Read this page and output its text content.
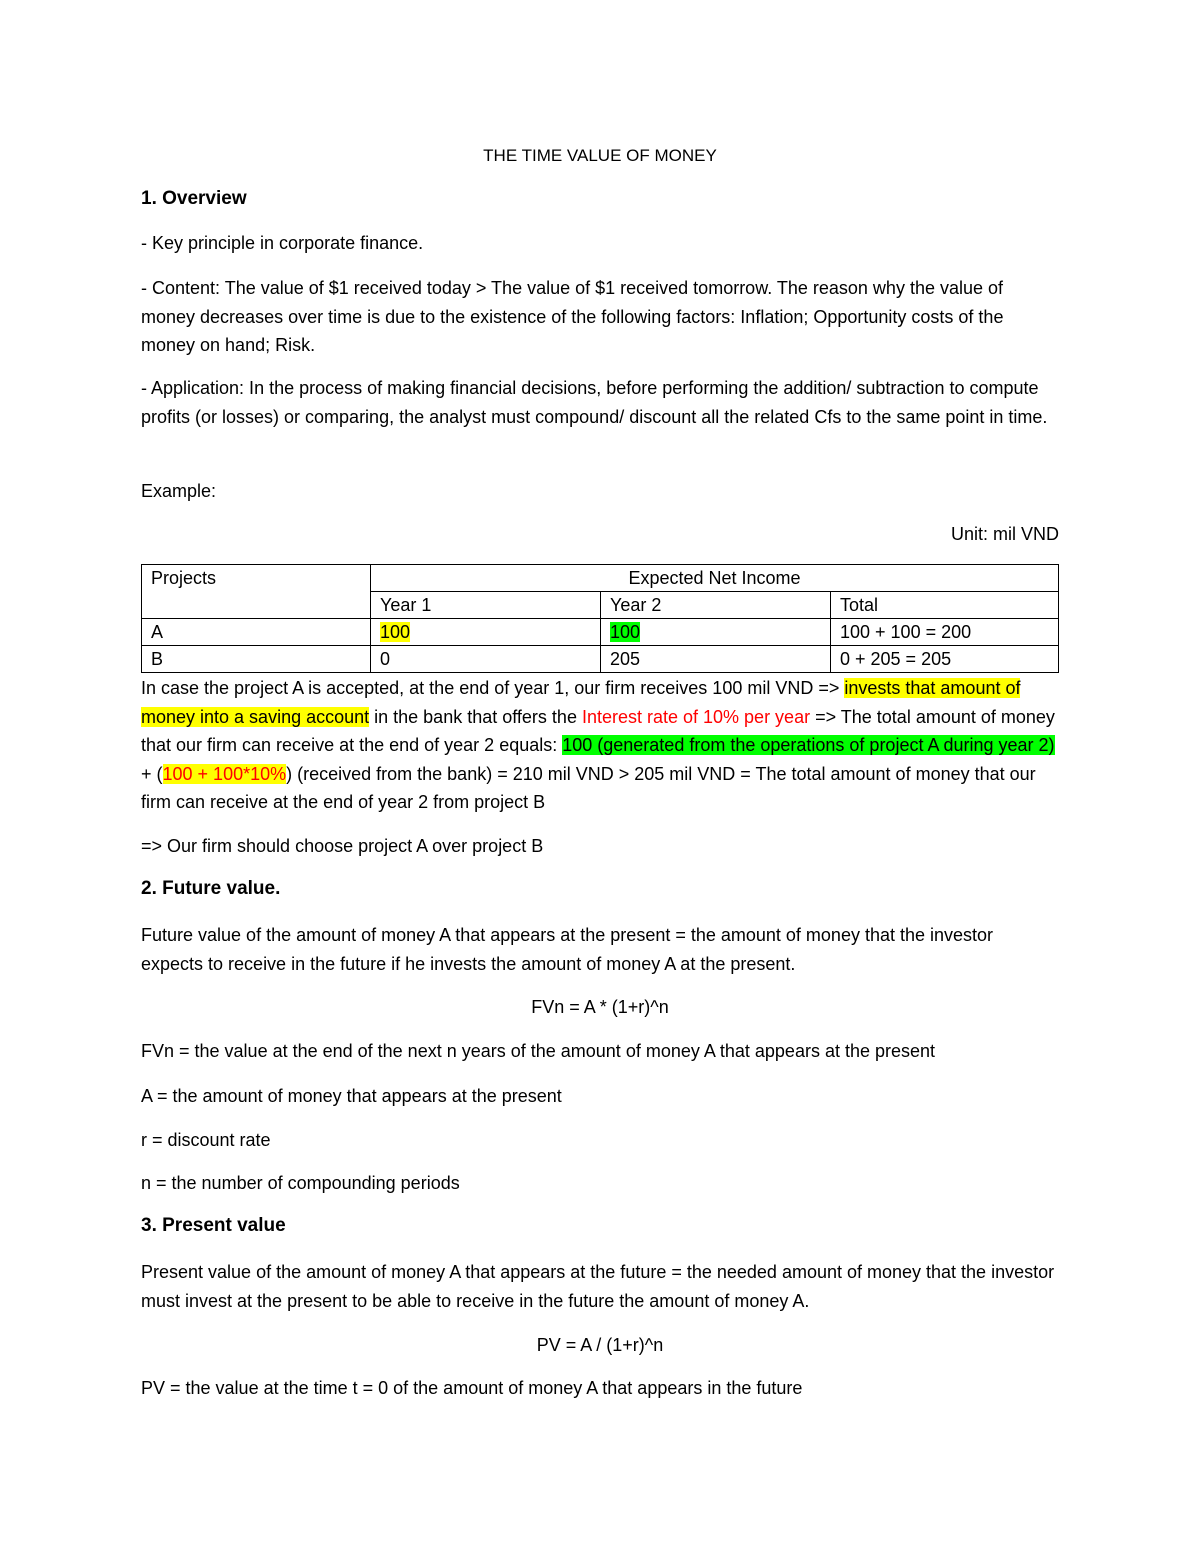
THE TIME VALUE OF MONEY
1. Overview
- Key principle in corporate finance.
- Content: The value of $1 received today > The value of $1 received tomorrow. The reason why the value of money decreases over time is due to the existence of the following factors: Inflation; Opportunity costs of the money on hand; Risk.
- Application: In the process of making financial decisions, before performing the addition/ subtraction to compute profits (or losses) or comparing, the analyst must compound/ discount all the related Cfs to the same point in time.
Example:
Unit: mil VND
Projects	Expected Net Income		
	Year 1	Year 2	Total
A	100	100	100 + 100 = 200
B	0	205	0 + 205 = 205
In case the project A is accepted, at the end of year 1, our firm receives 100 mil VND => invests that amount of money into a saving account in the bank that offers the Interest rate of 10% per year => The total amount of money that our firm can receive at the end of year 2 equals: 100 (generated from the operations of project A during year 2) + (100 + 100*10%) (received from the bank) = 210 mil VND > 205 mil VND = The total amount of money that our firm can receive at the end of year 2 from project B
=> Our firm should choose project A over project B
2. Future value.
Future value of the amount of money A that appears at the present = the amount of money that the investor expects to receive in the future if he invests the amount of money A at the present.
FVn = A * (1+r)^n
FVn = the value at the end of the next n years of the amount of money A that appears at the present
A = the amount of money that appears at the present
r = discount rate
n = the number of compounding periods
3. Present value
Present value of the amount of money A that appears at the future = the needed amount of money that the investor must invest at the present to be able to receive in the future the amount of money A.
PV = A / (1+r)^n
PV = the value at the time t = 0 of the amount of money A that appears in the future
